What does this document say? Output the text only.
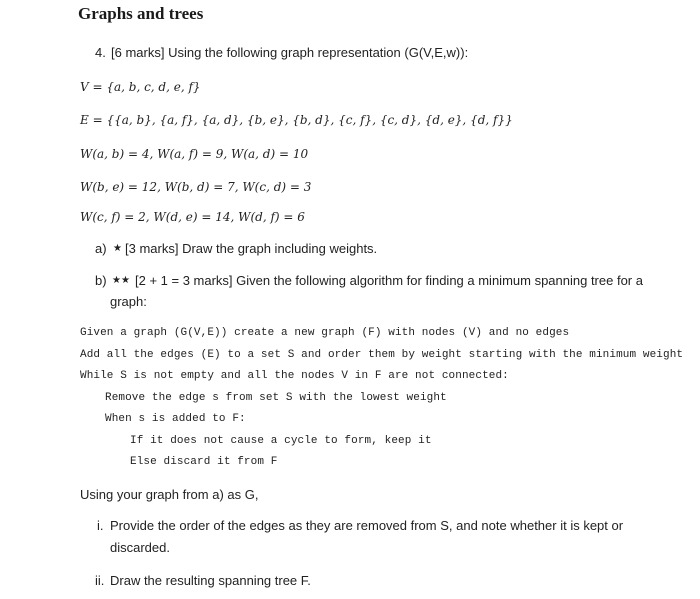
Graphs and trees
4. [6 marks] Using the following graph representation (G(V,E,w)):
V = {a, b, c, d, e, f}
E = {{a, b}, {a, f}, {a, d}, {b, e}, {b, d}, {c, f}, {c, d}, {d, e}, {d, f}}
W(a, b) = 4, W(a, f) = 9, W(a, d) = 10
W(b, e) = 12, W(b, d) = 7, W(c, d) = 3
W(c, f) = 2, W(d, e) = 14, W(d, f) = 6
a) ★ [3 marks] Draw the graph including weights.
b) ★★ [2 + 1 = 3 marks] Given the following algorithm for finding a minimum spanning tree for a
graph:
Given a graph (G(V,E)) create a new graph (F) with nodes (V) and no edges
Add all the edges (E) to a set S and order them by weight starting with the minimum weight
While S is not empty and all the nodes V in F are not connected:
Remove the edge s from set S with the lowest weight
When s is added to F:
If it does not cause a cycle to form, keep it
Else discard it from F
Using your graph from a) as G,
i. Provide the order of the edges as they are removed from S, and note whether it is kept or
discarded.
ii. Draw the resulting spanning tree F.
